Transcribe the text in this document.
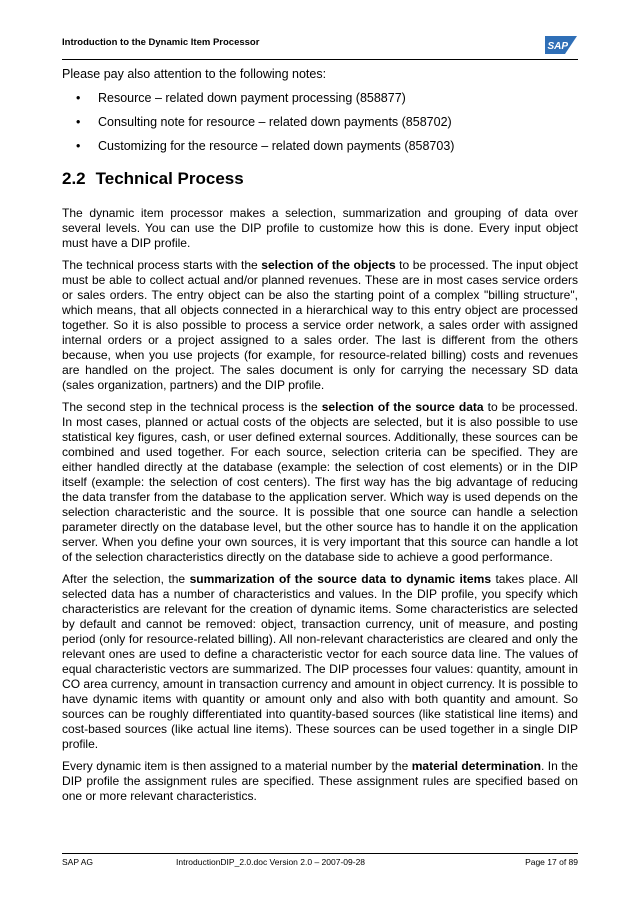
Introduction to the Dynamic Item Processor	SAP

Please pay also attention to the following notes:

• Resource – related down payment processing (858877)
• Consulting note for resource – related down payments (858702)
• Customizing for the resource – related down payments (858703)
2.2 Technical Process

The dynamic item processor makes a selection, summarization and grouping of data over several levels. You can use the DIP profile to customize how this is done. Every input object must have a DIP profile.

The technical process starts with the selection of the objects to be processed. The input object must be able to collect actual and/or planned revenues. These are in most cases service orders or sales orders. The entry object can be also the starting point of a complex "billing structure", which means, that all objects connected in a hierarchical way to this entry object are processed together. So it is also possible to process a service order network, a sales order with assigned internal orders or a project assigned to a sales order. The last is different from the others because, when you use projects (for example, for resource-related billing) costs and revenues are handled on the project. The sales document is only for carrying the necessary SD data (sales organization, partners) and the DIP profile.

The second step in the technical process is the selection of the source data to be processed. In most cases, planned or actual costs of the objects are selected, but it is also possible to use statistical key figures, cash, or user defined external sources. Additionally, these sources can be combined and used together. For each source, selection criteria can be specified. They are either handled directly at the database (example: the selection of cost elements) or in the DIP itself (example: the selection of cost centers). The first way has the big advantage of reducing the data transfer from the database to the application server. Which way is used depends on the selection characteristic and the source. It is possible that one source can handle a selection parameter directly on the database level, but the other source has to handle it on the application server. When you define your own sources, it is very important that this source can handle a lot of the selection characteristics directly on the database side to achieve a good performance.

After the selection, the summarization of the source data to dynamic items takes place. All selected data has a number of characteristics and values. In the DIP profile, you specify which characteristics are relevant for the creation of dynamic items. Some characteristics are selected by default and cannot be removed: object, transaction currency, unit of measure, and posting period (only for resource-related billing). All non-relevant characteristics are cleared and only the relevant ones are used to define a characteristic vector for each source data line. The values of equal characteristic vectors are summarized. The DIP processes four values: quantity, amount in CO area currency, amount in transaction currency and amount in object currency. It is possible to have dynamic items with quantity or amount only and also with both quantity and amount. So sources can be roughly differentiated into quantity-based sources (like statistical line items) and cost-based sources (like actual line items). These sources can be used together in a single DIP profile.

Every dynamic item is then assigned to a material number by the material determination. In the DIP profile the assignment rules are specified. These assignment rules are specified based on one or more relevant characteristics.

SAP AG	IntroductionDIP_2.0.doc Version 2.0 – 2007-09-28	Page 17 of 89
